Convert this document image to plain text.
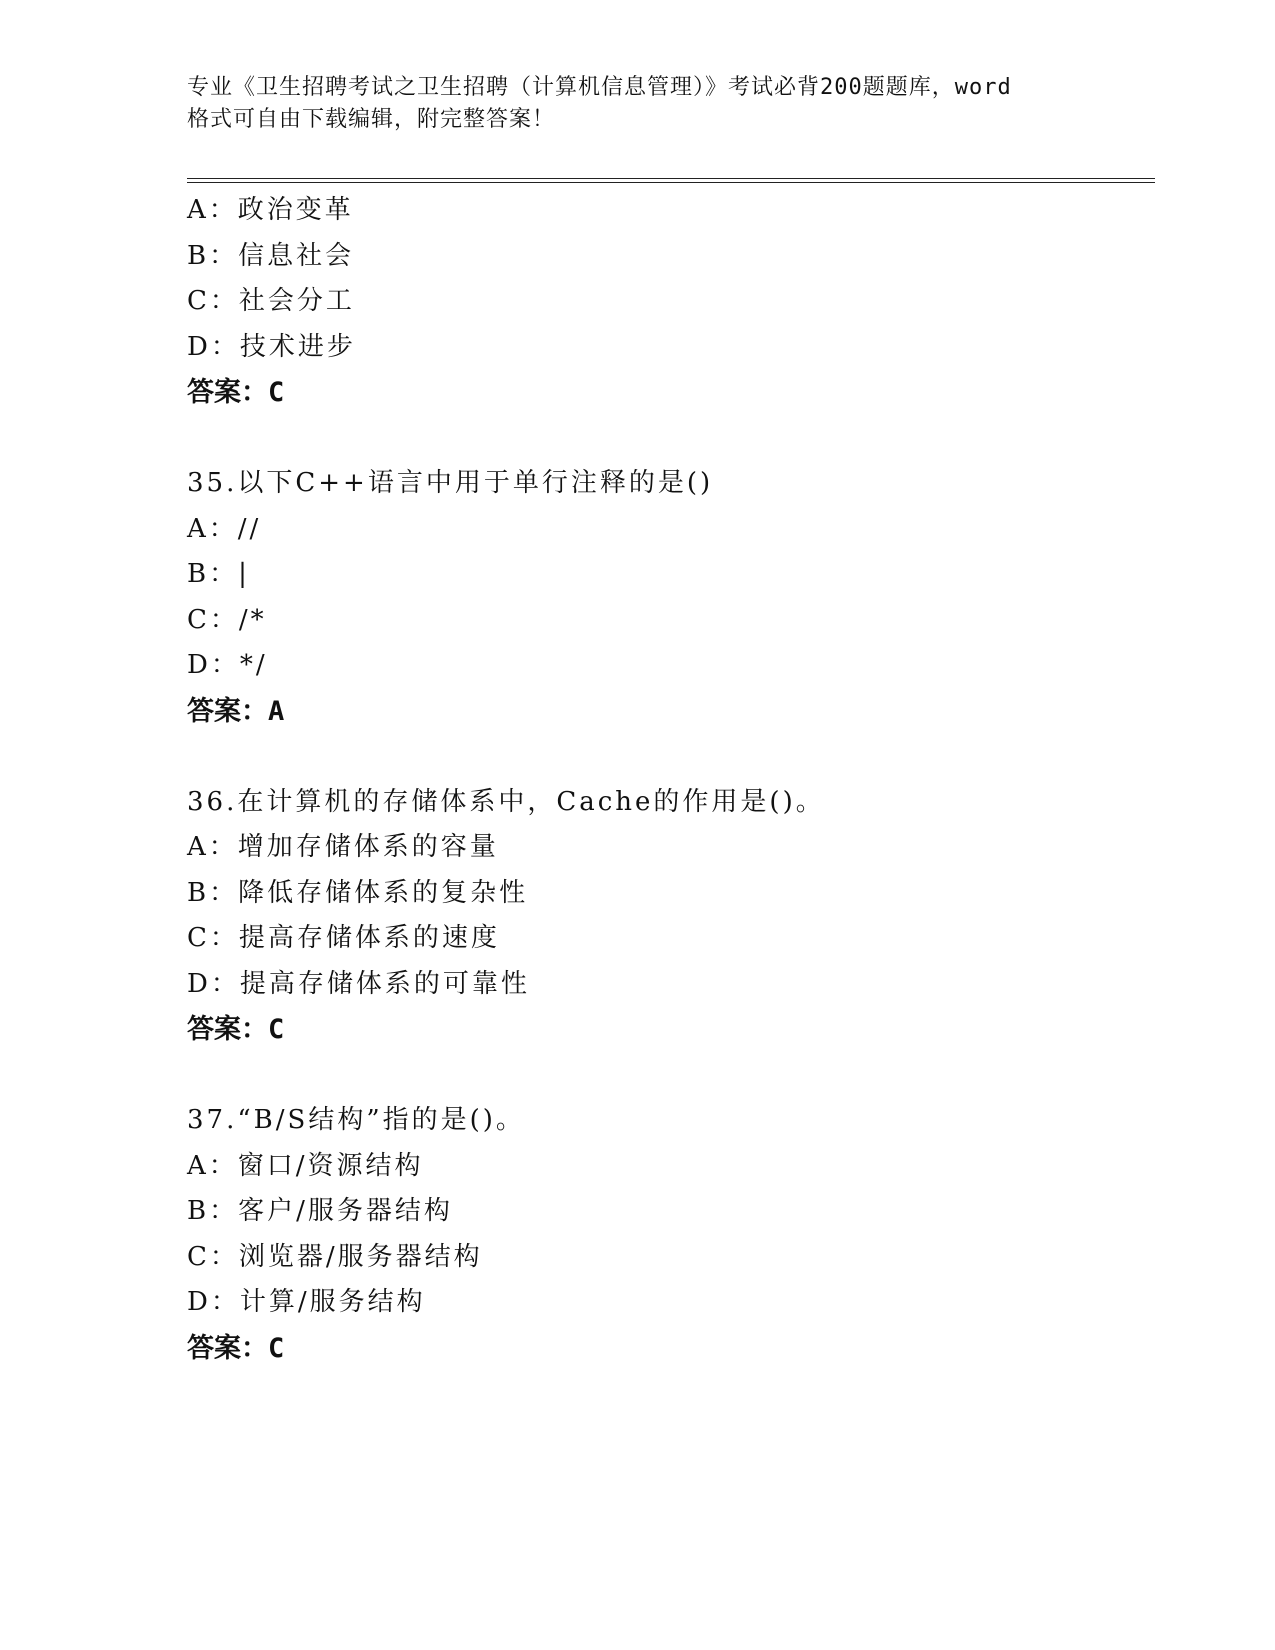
专业《卫生招聘考试之卫生招聘（计算机信息管理）》考试必背200题题库，word
格式可自由下载编辑，附完整答案！
A：政治变革
B：信息社会
C：社会分工
D：技术进步
答案：C
35.以下C++语言中用于单行注释的是()
A：//
B：|
C：/*
D：*/
答案：A
36.在计算机的存储体系中，Cache的作用是()。
A：增加存储体系的容量
B：降低存储体系的复杂性
C：提高存储体系的速度
D：提高存储体系的可靠性
答案：C
37.“B/S结构”指的是()。
A：窗口/资源结构
B：客户/服务器结构
C：浏览器/服务器结构
D：计算/服务结构
答案：C
